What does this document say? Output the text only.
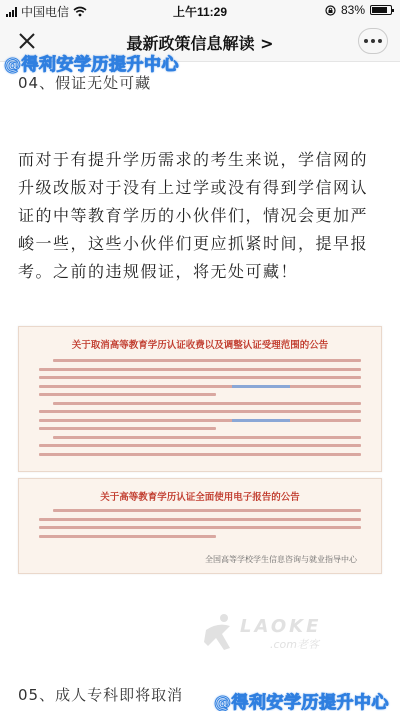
中国电信	上午11:29	83%
最新政策信息解读 >
@得利安学历提升中心
04、假证无处可藏
而对于有提升学历需求的考生来说，学信网的升级改版对于没有上过学或没有得到学信网认证的中等教育学历的小伙伴们，情况会更加严峻一些，这些小伙伴们更应抓紧时间，提早报考。之前的违规假证，将无处可藏！
关于取消高等教育学历认证收费以及调整认证受理范围的公告
关于高等教育学历认证全面使用电子报告的公告
全国高等学校学生信息咨询与就业指导中心
LAOKE
.com老客
05、成人专科即将取消 @得利安学历提升中心
